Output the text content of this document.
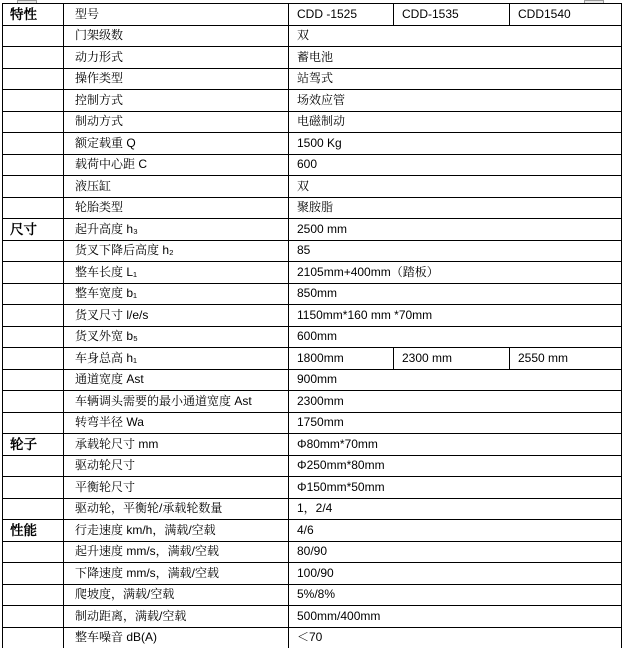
特性	型号	CDD -1525	CDD-1535	CDD1540
	门架级数	双		
	动力形式	蓄电池		
	操作类型	站驾式		
	控制方式	场效应管		
	制动方式	电磁制动		
	额定载重 Q	1500 Kg		
	载荷中心距 C	600		
	液压缸	双		
	轮胎类型	聚胺脂		
尺寸	起升高度 h₃	2500 mm		
	货叉下降后高度 h₂	85		
	整车长度 L₁	2105mm+400mm（踏板）		
	整车宽度 b₁	850mm		
	货叉尺寸 l/e/s	1150mm*160 mm *70mm		
	货叉外宽 b₅	600mm		
	车身总高 h₁	1800mm	2300 mm	2550 mm
	通道宽度 Ast	900mm		
	车辆调头需要的最小通道宽度 Ast	2300mm		
	转弯半径 Wa	1750mm		
轮子	承载轮尺寸 mm	Φ80mm*70mm		
	驱动轮尺寸	Φ250mm*80mm		
	平衡轮尺寸	Φ150mm*50mm		
	驱动轮，平衡轮/承载轮数量	1，2/4		
性能	行走速度 km/h，满载/空载	4/6		
	起升速度 mm/s，满载/空载	80/90		
	下降速度 mm/s，满载/空载	100/90		
	爬坡度，满载/空载	5%/8%		
	制动距离，满载/空载	500mm/400mm		
	整车噪音 dB(A)	＜70		
